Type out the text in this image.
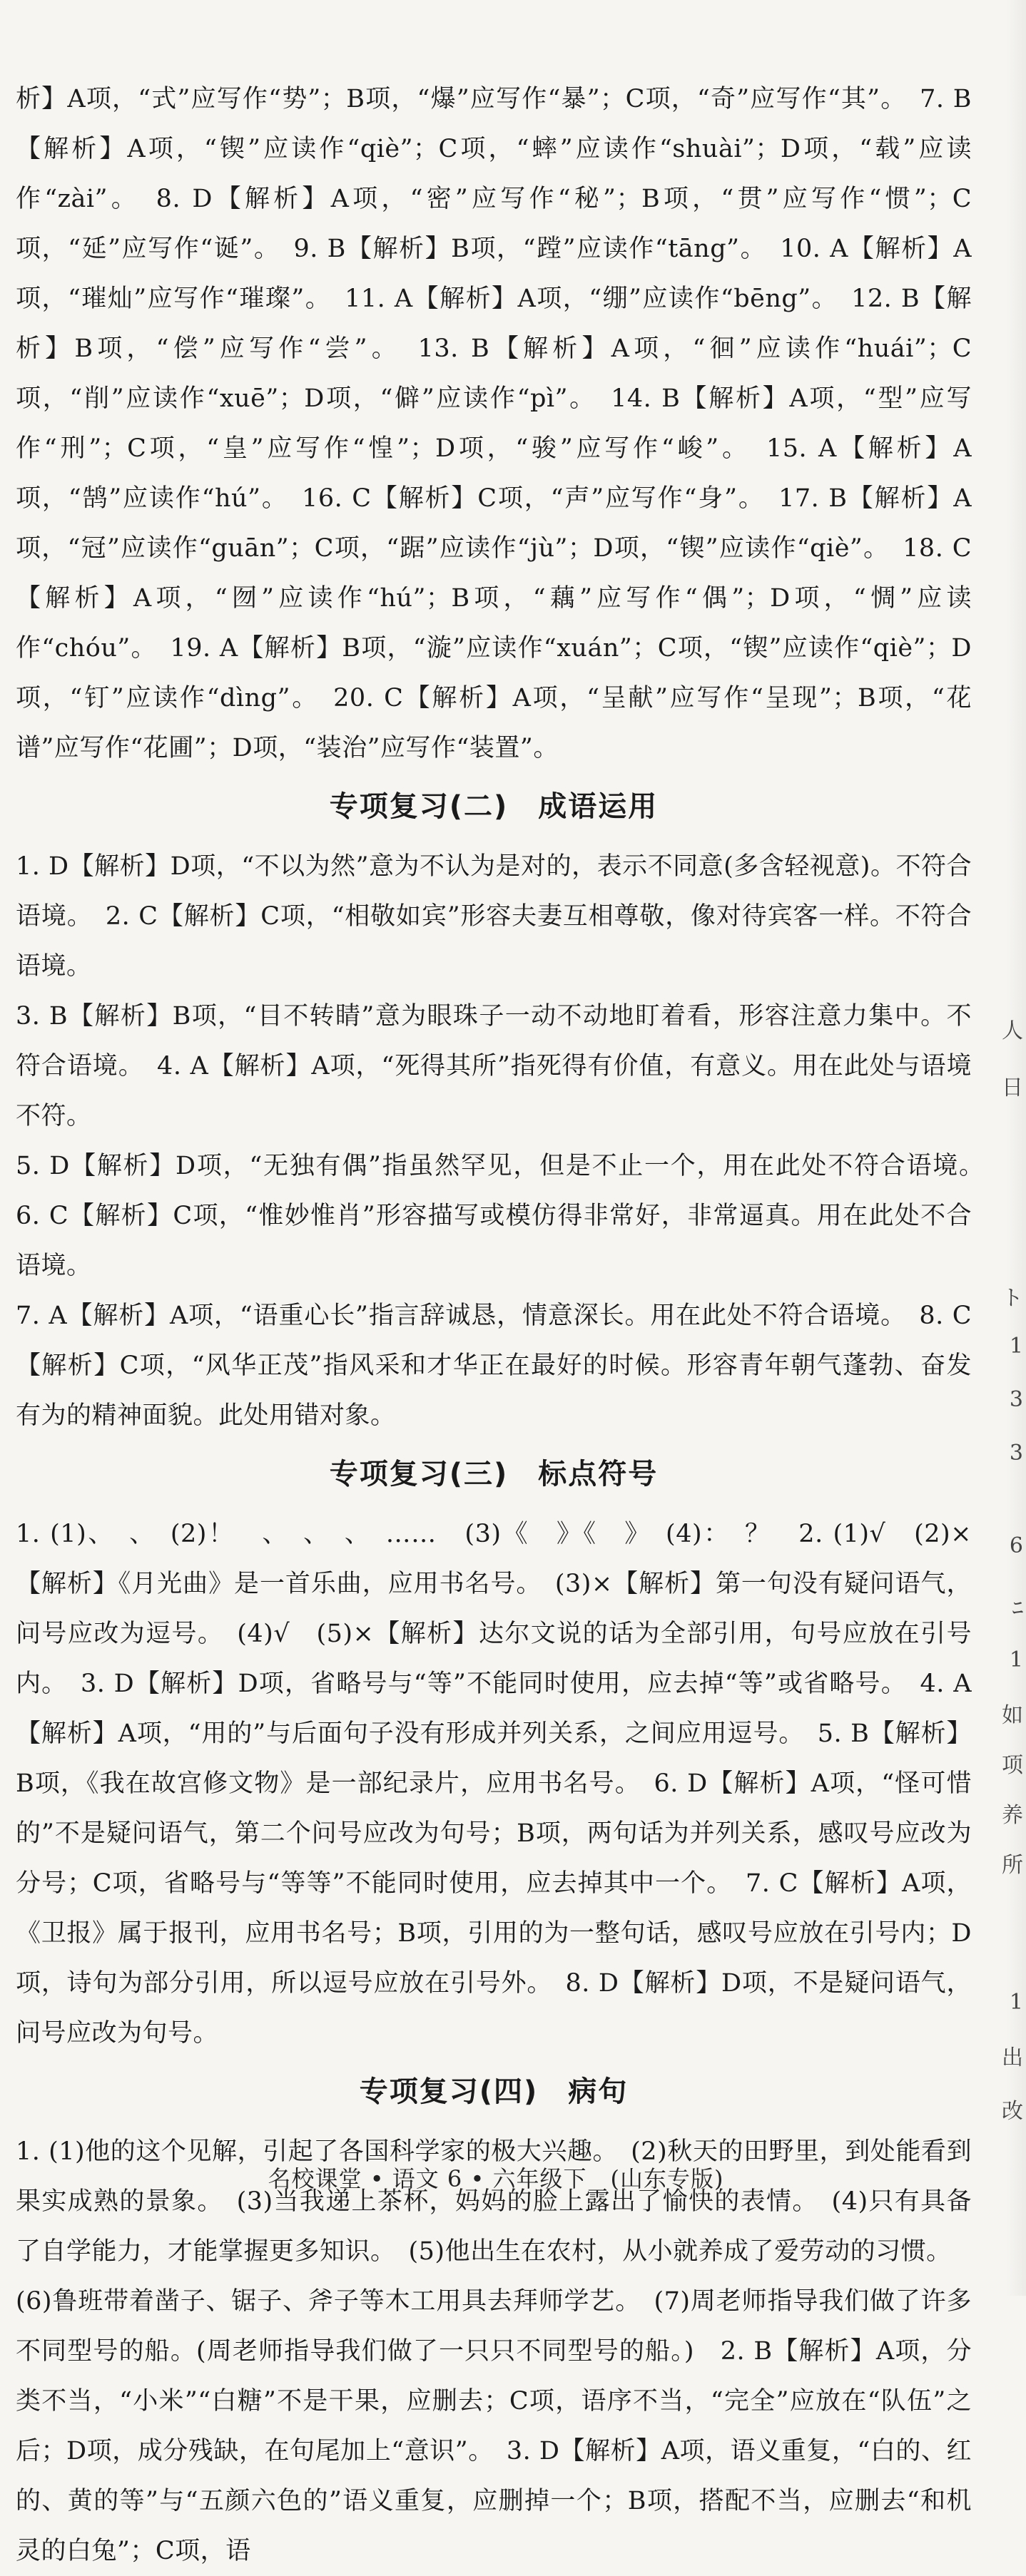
析】A项，“式”应写作“势”；B项，“爆”应写作“暴”；C项，“奇”应写作“其”。　7. B【解析】A项，“锲”应读作“qiè”；C项，“蟀”应读作“shuài”；D项，“载”应读作“zài”。　8. D【解析】A项，“密”应写作“秘”；B项，“贯”应写作“惯”；C项，“延”应写作“诞”。　9. B【解析】B项，“蹚”应读作“tāng”。　10. A【解析】A项，“璀灿”应写作“璀璨”。　11. A【解析】A项，“绷”应读作“bēng”。　12. B【解析】B项，“偿”应写作“尝”。　13. B【解析】A项，“徊”应读作“huái”；C项，“削”应读作“xuē”；D项，“僻”应读作“pì”。　14. B【解析】A项，“型”应写作“刑”；C项，“皇”应写作“惶”；D项，“骏”应写作“峻”。　15. A【解析】A项，“鹄”应读作“hú”。　16. C【解析】C项，“声”应写作“身”。　17. B【解析】A项，“冠”应读作“guān”；C项，“踞”应读作“jù”；D项，“锲”应读作“qiè”。　18. C【解析】A项，“囫”应读作“hú”；B项，“藕”应写作“偶”；D项，“惆”应读作“chóu”。　19. A【解析】B项，“漩”应读作“xuán”；C项，“锲”应读作“qiè”；D项，“钉”应读作“dìng”。　20. C【解析】A项，“呈献”应写作“呈现”；B项，“花谱”应写作“花圃”；D项，“装治”应写作“装置”。

专项复习(二)　成语运用

1. D【解析】D项，“不以为然”意为不认为是对的，表示不同意(多含轻视意)。不符合语境。　2. C【解析】C项，“相敬如宾”形容夫妻互相尊敬，像对待宾客一样。不符合语境。

3. B【解析】B项，“目不转睛”意为眼珠子一动不动地盯着看，形容注意力集中。不符合语境。　4. A【解析】A项，“死得其所”指死得有价值，有意义。用在此处与语境不符。

5. D【解析】D项，“无独有偶”指虽然罕见，但是不止一个，用在此处不符合语境。　6. C【解析】C项，“惟妙惟肖”形容描写或模仿得非常好，非常逼真。用在此处不合语境。

7. A【解析】A项，“语重心长”指言辞诚恳，情意深长。用在此处不符合语境。　8. C【解析】C项，“风华正茂”指风采和才华正在最好的时候。形容青年朝气蓬勃、奋发有为的精神面貌。此处用错对象。

专项复习(三)　标点符号

1. (1)、　、　(2)！　、　、　、　……　(3)《　》《　》　(4)：　？　2. (1)√　(2)×【解析】《月光曲》是一首乐曲，应用书名号。　(3)×【解析】第一句没有疑问语气，问号应改为逗号。　(4)√　(5)×【解析】达尔文说的话为全部引用，句号应放在引号内。　3. D【解析】D项，省略号与“等”不能同时使用，应去掉“等”或省略号。　4. A【解析】A项，“用的”与后面句子没有形成并列关系，之间应用逗号。　5. B【解析】B项，《我在故宫修文物》是一部纪录片，应用书名号。　6. D【解析】A项，“怪可惜的”不是疑问语气，第二个问号应改为句号；B项，两句话为并列关系，感叹号应改为分号；C项，省略号与“等等”不能同时使用，应去掉其中一个。　7. C【解析】A项，《卫报》属于报刊，应用书名号；B项，引用的为一整句话，感叹号应放在引号内；D项，诗句为部分引用，所以逗号应放在引号外。　8. D【解析】D项，不是疑问语气，问号应改为句号。

专项复习(四)　病句

1. (1)他的这个见解，引起了各国科学家的极大兴趣。　(2)秋天的田野里，到处能看到果实成熟的景象。　(3)当我递上茶杯，妈妈的脸上露出了愉快的表情。　(4)只有具备了自学能力，才能掌握更多知识。　(5)他出生在农村，从小就养成了爱劳动的习惯。

(6)鲁班带着凿子、锯子、斧子等木工用具去拜师学艺。　(7)周老师指导我们做了许多不同型号的船。(周老师指导我们做了一只只不同型号的船。)　2. B【解析】A项，分类不当，“小米”“白糖”不是干果，应删去；C项，语序不当，“完全”应放在“队伍”之后；D项，成分残缺，在句尾加上“意识”。　3. D【解析】A项，语义重复，“白的、红的、黄的等”与“五颜六色的”语义重复，应删掉一个；B项，搭配不当，应删去“和机灵的白兔”；C项，语

名校课堂 • 语文 6 • 六年级下　(山东专版)
人
日
ト
1
3
3
6
ﾆ
1
如
项
养
所
1
出
改
